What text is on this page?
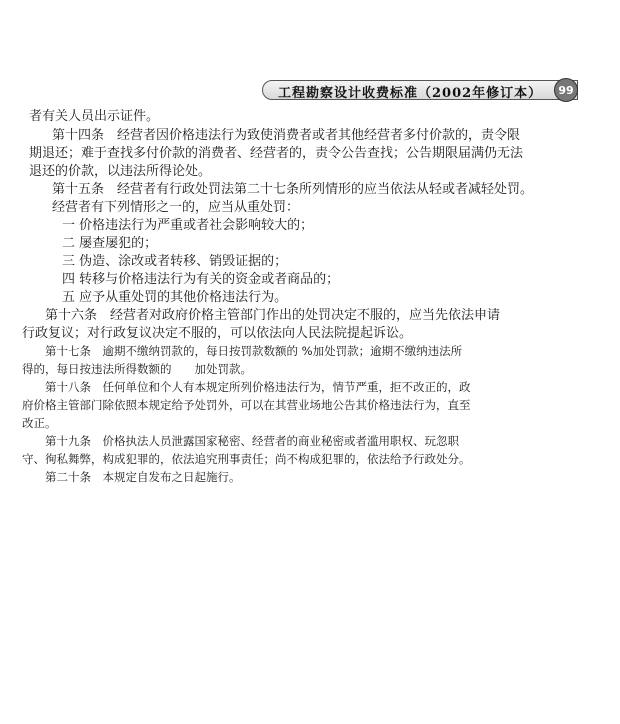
工程勘察设计收费标准（2002年修订本）	99
者有关人员出示证件。
第十四条　经营者因价格违法行为致使消费者或者其他经营者多付价款的，责令限
期退还；难于查找多付价款的消费者、经营者的，责令公告查找；公告期限届满仍无法
退还的价款，以违法所得论处。
第十五条　经营者有行政处罚法第二十七条所列情形的应当依法从轻或者减轻处罚。
经营者有下列情形之一的，应当从重处罚：
一 价格违法行为严重或者社会影响较大的；
二 屡查屡犯的；
三 伪造、涂改或者转移、销毁证据的；
四 转移与价格违法行为有关的资金或者商品的；
五 应予从重处罚的其他价格违法行为。
第十六条　经营者对政府价格主管部门作出的处罚决定不服的，应当先依法申请
行政复议；对行政复议决定不服的，可以依法向人民法院提起诉讼。
第十七条　逾期不缴纳罚款的，每日按罚款数额的 %加处罚款；逾期不缴纳违法所
得的，每日按违法所得数额的　　加处罚款。
第十八条　任何单位和个人有本规定所列价格违法行为，情节严重，拒不改正的，政
府价格主管部门除依照本规定给予处罚外，可以在其营业场地公告其价格违法行为，直至
改正。
第十九条　价格执法人员泄露国家秘密、经营者的商业秘密或者滥用职权、玩忽职
守、徇私舞弊，构成犯罪的，依法追究刑事责任；尚不构成犯罪的，依法给予行政处分。
第二十条　本规定自发布之日起施行。
